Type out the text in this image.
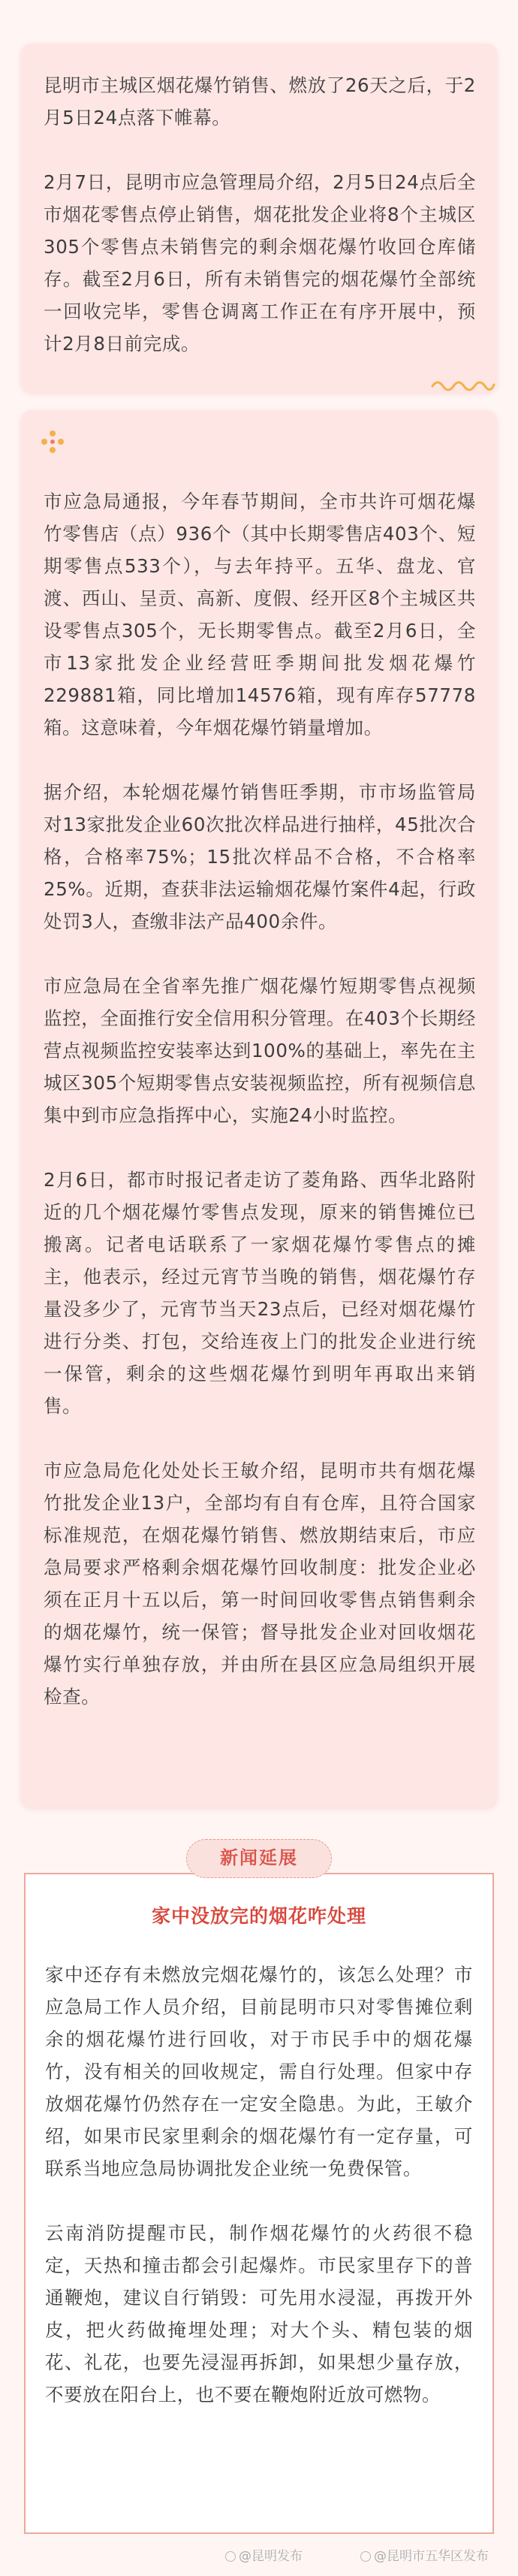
昆明市主城区烟花爆竹销售、燃放了26天之后，于2月5日24点落下帷幕。

2月7日，昆明市应急管理局介绍，2月5日24点后全市烟花零售点停止销售，烟花批发企业将8个主城区305个零售点未销售完的剩余烟花爆竹收回仓库储存。截至2月6日，所有未销售完的烟花爆竹全部统一回收完毕，零售仓调离工作正在有序开展中，预计2月8日前完成。

市应急局通报，今年春节期间，全市共许可烟花爆竹零售店（点）936个（其中长期零售店403个、短期零售点533个），与去年持平。五华、盘龙、官渡、西山、呈贡、高新、度假、经开区8个主城区共设零售点305个，无长期零售点。截至2月6日，全市13家批发企业经营旺季期间批发烟花爆竹229881箱，同比增加14576箱，现有库存57778箱。这意味着，今年烟花爆竹销量增加。

据介绍，本轮烟花爆竹销售旺季期，市市场监管局对13家批发企业60次批次样品进行抽样，45批次合格，合格率75%；15批次样品不合格，不合格率25%。近期，查获非法运输烟花爆竹案件4起，行政处罚3人，查缴非法产品400余件。

市应急局在全省率先推广烟花爆竹短期零售点视频监控，全面推行安全信用积分管理。在403个长期经营点视频监控安装率达到100%的基础上，率先在主城区305个短期零售点安装视频监控，所有视频信息集中到市应急指挥中心，实施24小时监控。

2月6日，都市时报记者走访了菱角路、西华北路附近的几个烟花爆竹零售点发现，原来的销售摊位已搬离。记者电话联系了一家烟花爆竹零售点的摊主，他表示，经过元宵节当晚的销售，烟花爆竹存量没多少了，元宵节当天23点后，已经对烟花爆竹进行分类、打包，交给连夜上门的批发企业进行统一保管，剩余的这些烟花爆竹到明年再取出来销售。

市应急局危化处处长王敏介绍，昆明市共有烟花爆竹批发企业13户，全部均有自有仓库，且符合国家标准规范，在烟花爆竹销售、燃放期结束后，市应急局要求严格剩余烟花爆竹回收制度：批发企业必须在正月十五以后，第一时间回收零售点销售剩余的烟花爆竹，统一保管；督导批发企业对回收烟花爆竹实行单独存放，并由所在县区应急局组织开展检查。

家中没放完的烟花咋处理

家中还存有未燃放完烟花爆竹的，该怎么处理？市应急局工作人员介绍，目前昆明市只对零售摊位剩余的烟花爆竹进行回收，对于市民手中的烟花爆竹，没有相关的回收规定，需自行处理。但家中存放烟花爆竹仍然存在一定安全隐患。为此，王敏介绍，如果市民家里剩余的烟花爆竹有一定存量，可联系当地应急局协调批发企业统一免费保管。

云南消防提醒市民，制作烟花爆竹的火药很不稳定，天热和撞击都会引起爆炸。市民家里存下的普通鞭炮，建议自行销毁：可先用水浸湿，再拨开外皮，把火药做掩埋处理；对大个头、精包装的烟花、礼花，也要先浸湿再拆卸，如果想少量存放，不要放在阳台上，也不要在鞭炮附近放可燃物。

新闻延展
@昆明发布	@昆明市五华区发布
